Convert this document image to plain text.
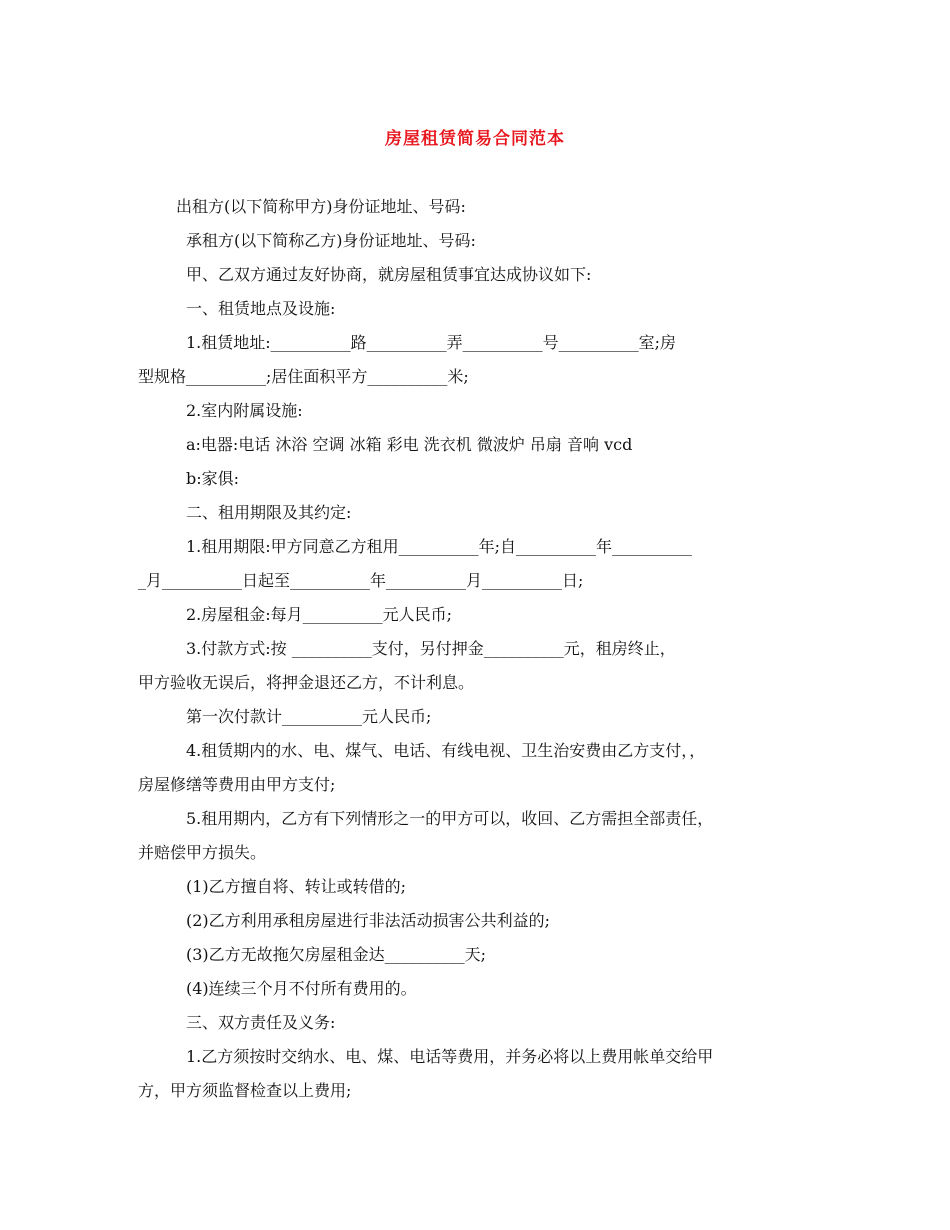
房屋租赁简易合同范本
出租方(以下简称甲方)身份证地址、号码:
承租方(以下简称乙方)身份证地址、号码:
甲、乙双方通过友好协商，就房屋租赁事宜达成协议如下:
一、租赁地点及设施:
1.租赁地址:__________路__________弄__________号__________室;房
型规格__________;居住面积平方__________米;
2.室内附属设施:
a:电器:电话 沐浴 空调 冰箱 彩电 洗衣机 微波炉 吊扇 音响 vcd
b:家俱:
二、租用期限及其约定:
1.租用期限:甲方同意乙方租用__________年;自__________年__________
_月__________日起至__________年__________月__________日;
2.房屋租金:每月__________元人民币;
3.付款方式:按 __________支付，另付押金__________元，租房终止，
甲方验收无误后，将押金退还乙方，不计利息。
第一次付款计__________元人民币;
4.租赁期内的水、电、煤气、电话、有线电视、卫生治安费由乙方支付，，
房屋修缮等费用由甲方支付;
5.租用期内，乙方有下列情形之一的甲方可以，收回、乙方需担全部责任，
并赔偿甲方损失。
(1)乙方擅自将、转让或转借的;
(2)乙方利用承租房屋进行非法活动损害公共利益的;
(3)乙方无故拖欠房屋租金达__________天;
(4)连续三个月不付所有费用的。
三、双方责任及义务:
1.乙方须按时交纳水、电、煤、电话等费用，并务必将以上费用帐单交给甲
方，甲方须监督检查以上费用;
